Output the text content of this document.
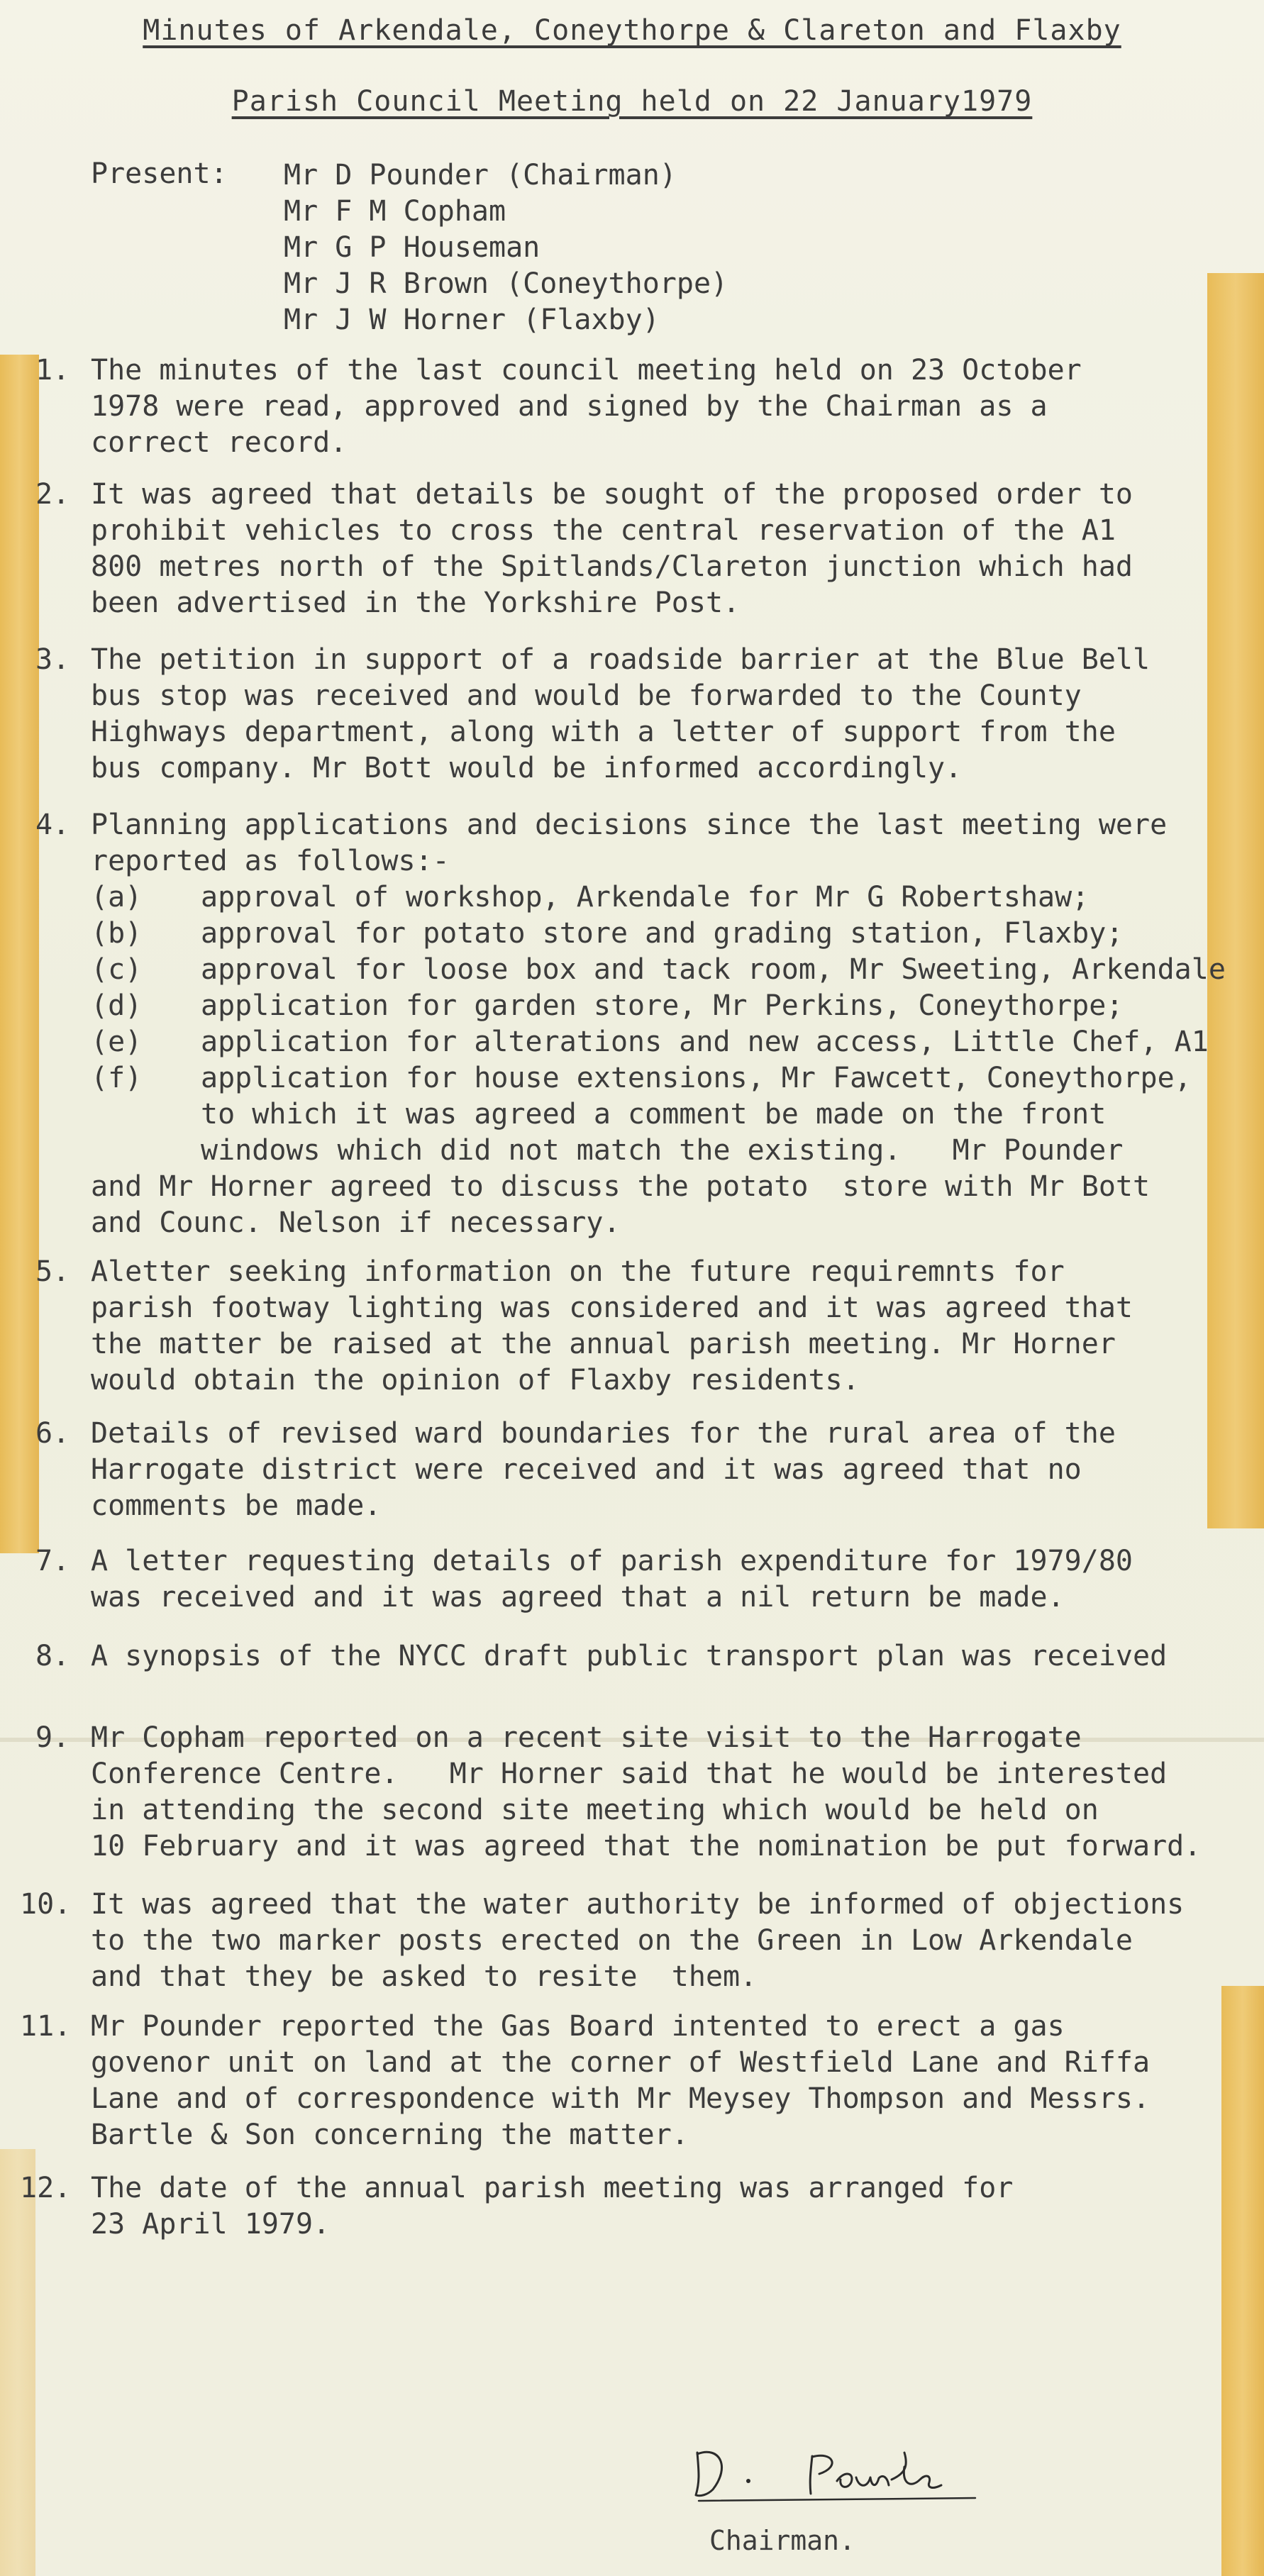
Minutes of Arkendale, Coneythorpe & Clareton and Flaxby
Parish Council Meeting held on 22 January1979
Present: Mr D Pounder (Chairman)
Mr F M Copham
Mr G P Houseman
Mr J R Brown (Coneythorpe)
Mr J W Horner (Flaxby)
1. The minutes of the last council meeting held on 23 October
1978 were read, approved and signed by the Chairman as a
correct record.
2. It was agreed that details be sought of the proposed order to
prohibit vehicles to cross the central reservation of the A1
800 metres north of the Spitlands/Clareton junction which had
been advertised in the Yorkshire Post.
3. The petition in support of a roadside barrier at the Blue Bell
bus stop was received and would be forwarded to the County
Highways department, along with a letter of support from the
bus company. Mr Bott would be informed accordingly.
4. Planning applications and decisions since the last meeting were
reported as follows:-
(a) approval of workshop, Arkendale for Mr G Robertshaw;
(b) approval for potato store and grading station, Flaxby;
(c) approval for loose box and tack room, Mr Sweeting, Arkendale
(d) application for garden store, Mr Perkins, Coneythorpe;
(e) application for alterations and new access, Little Chef, A1
(f) application for house extensions, Mr Fawcett, Coneythorpe,
to which it was agreed a comment be made on the front
windows which did not match the existing.   Mr Pounder
and Mr Horner agreed to discuss the potato  store with Mr Bott
and Counc. Nelson if necessary.
5. Aletter seeking information on the future requiremnts for
parish footway lighting was considered and it was agreed that
the matter be raised at the annual parish meeting. Mr Horner
would obtain the opinion of Flaxby residents.
6. Details of revised ward boundaries for the rural area of the
Harrogate district were received and it was agreed that no
comments be made.
7. A letter requesting details of parish expenditure for 1979/80
was received and it was agreed that a nil return be made.
8. A synopsis of the NYCC draft public transport plan was received
9. Mr Copham reported on a recent site visit to the Harrogate
Conference Centre.   Mr Horner said that he would be interested
in attending the second site meeting which would be held on
10 February and it was agreed that the nomination be put forward.
10. It was agreed that the water authority be informed of objections
to the two marker posts erected on the Green in Low Arkendale
and that they be asked to resite  them.
11. Mr Pounder reported the Gas Board intented to erect a gas
govenor unit on land at the corner of Westfield Lane and Riffa
Lane and of correspondence with Mr Meysey Thompson and Messrs.
Bartle & Son concerning the matter.
12. The date of the annual parish meeting was arranged for
23 April 1979.
Chairman.
